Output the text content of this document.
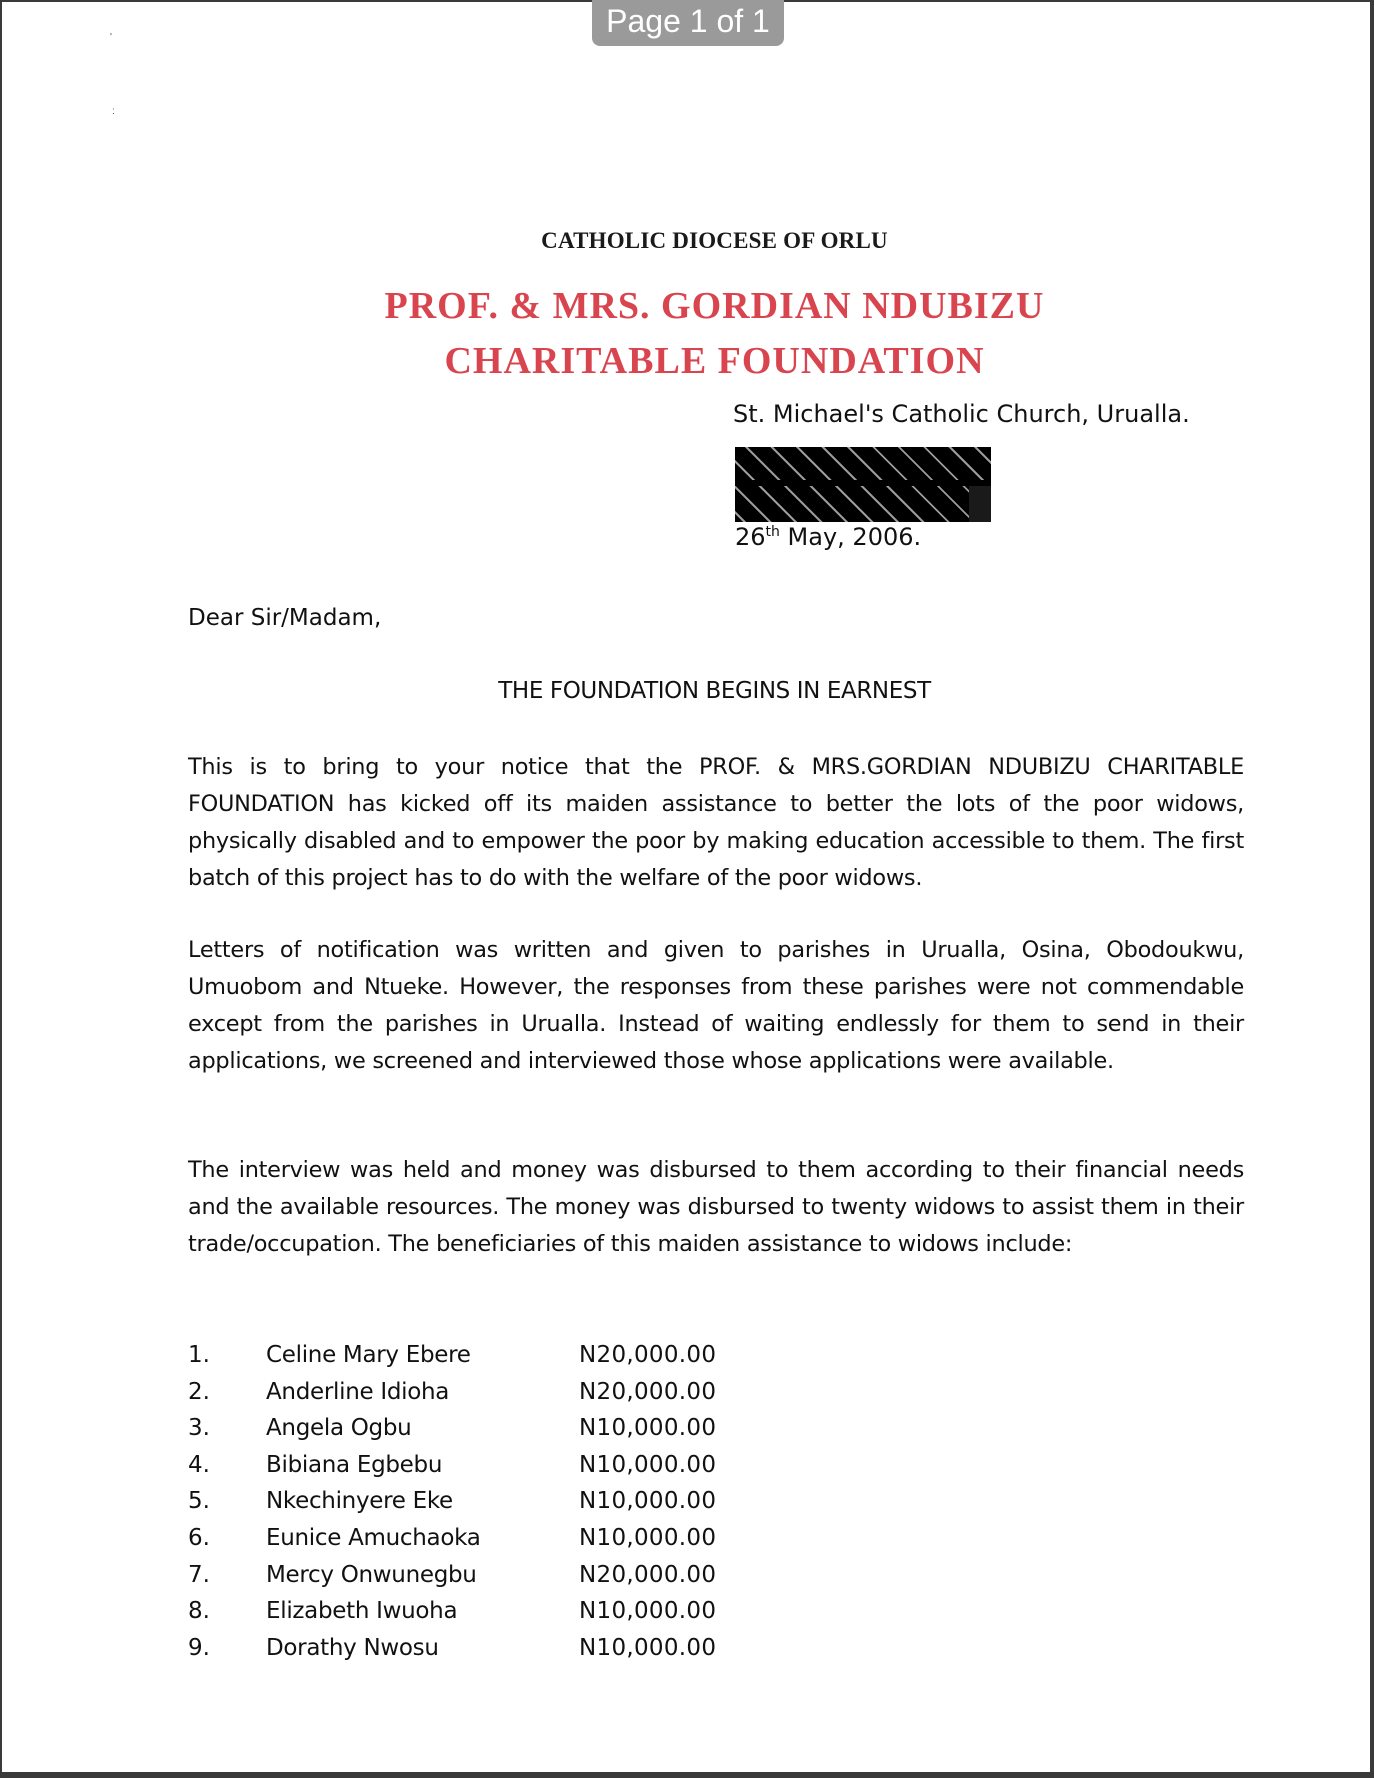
'
:
CATHOLIC DIOCESE OF ORLU
PROF. & MRS. GORDIAN NDUBIZU
CHARITABLE FOUNDATION
St. Michael's Catholic Church, Urualla.
26th May, 2006.
Dear Sir/Madam,
THE FOUNDATION BEGINS IN EARNEST
This is to bring to your notice that the PROF. & MRS.GORDIAN NDUBIZU CHARITABLE FOUNDATION has kicked off its maiden assistance to better the lots of the poor widows, physically disabled and to empower the poor by making education accessible to them. The first batch of this project has to do with the welfare of the poor widows.
Letters of notification was written and given to parishes in Urualla, Osina, Obodoukwu, Umuobom and Ntueke. However, the responses from these parishes were not commendable except from the parishes in Urualla. Instead of waiting endlessly for them to send in their applications, we screened and interviewed those whose applications were available.
The interview was held and money was disbursed to them according to their financial needs and the available resources. The money was disbursed to twenty widows to assist them in their trade/occupation. The beneficiaries of this maiden assistance to widows include:
1. Celine Mary Ebere	N20,000.00
2. Anderline Idioha	N20,000.00
3. Angela Ogbu	N10,000.00
4. Bibiana Egbebu	N10,000.00
5. Nkechinyere Eke	N10,000.00
6. Eunice Amuchaoka	N10,000.00
7. Mercy Onwunegbu	N20,000.00
8. Elizabeth Iwuoha	N10,000.00
9. Dorathy Nwosu	N10,000.00
Page 1 of 1
